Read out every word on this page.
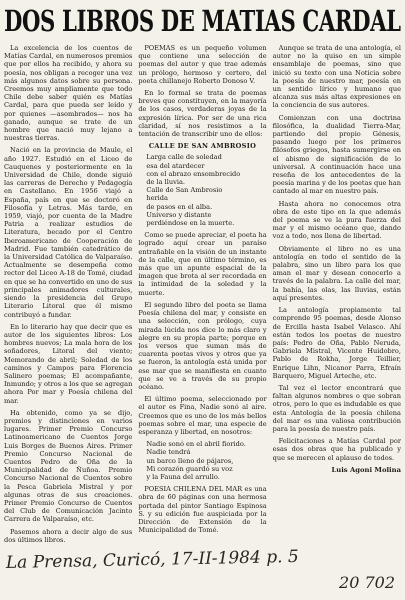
DOS LIBROS DE MATIAS CARDAL

La excelencia de los cuentos de Matías Cardal, en numerosos premios que por ellos ha recibido, y ahora su poesía, nos obligan a recoger una vez más algunos datos sobre su persona. Creemos muy ampliamente que todo Chile debe saber quién es Matías Cardal, para que pueda ser leído y por quienes —asombrados— nos ha ganado, aunque se trate de un hombre que nació muy lejano a nuestras tierras.

Nació en la provincia de Maule, el año 1927. Estudió en el Liceo de Cauquenes y posteriormente en la Universidad de Chile, donde siguió las carreras de Derecho y Pedagogía en Castellano. En 1956 viajó a España, país en que se doctoró en Filosofía y Letras. Más tarde, en 1959, viajó, por cuenta de la Madre Patria a realizar estudios de Literatura, becado por el Centro Iberoamericano de Cooperación de Madrid. Fue también catedrático de la Universidad Católica de Valparaíso. Actualmente se desempeña como rector del Liceo A-18 de Tomé, ciudad en que se ha convertido en uno de sus principales animadores culturales, siendo la presidencia del Grupo Literario Litoral que él mismo contribuyó a fundar.

En lo literario hay que decir que es autor de los siguientes libros: Los hombres nuevos; La mala hora de los soñadores, Litoral del viento; Memorando de abril; Soledad de los caminos y Campos para Florencia Salinero poemas; El acompañante, Inmundo; y otros a los que se agregan ahora Por mar y Poesía chilena del mar.

Ha obtenido, como ya se dijo, premios y distinciones en varios lugares. Primer Premio Concurso Latinoamericano de Cuentos Jorge Luis Borges de Buenos Aires. Primer Premio Concurso Nacional de Cuentos Pedro de Oña de la Municipalidad de Ñuñoa. Premio Concurso Nacional de Cuentos sobre la Pesca Gabriela Mistral y por algunas otras de sus creaciones. Primer Premio Concurso de Cuentos del Club de Comunicación Jacinto Carrera de Valparaíso, etc.

Pasemos ahora a decir algo de sus dos últimos libros.

POEMAS es un pequeño volumen que contiene una selección de poemas del autor y que trae además un prólogo, hermoso y certero, del poeta chillanejo Roberto Donoso V.

En lo formal se trata de poemas breves que constituyen, en la mayoría de los casos, verdaderas joyas de la expresión lírica. Por ser de una rica claridad, sí nos resistimos a la tentación de transcribir uno de ellos:

CALLE DE SAN AMBROSIO

Larga calle de soledad

esa del atardecer

con el abrazo ensombrecido

de la lluvia.

Calle de San Ambrosio

herida

de pasos en el alba.

Universo y distante

perdiéndose en la muerte.

Como se puede apreciar, el poeta ha logrado aquí crear un paraíso entrañable en la visión de un instante de la calle, que en último término, es más que un apunte espacial de la imagen que brota al ser recordada en la intimidad de la soledad y la muerte.

El segundo libro del poeta se llama Poesía chilena del mar, y consiste en una selección, con prólogo, cuya mirada lúcida nos dice lo más claro y alegre en su propia parte; porque en los versos que suman más de cuarenta poetas vivos y otros que ya se fueron, la antología está unida por ese mar que se manifiesta en cuanto que se ve a través de su propio océano.

El último poema, seleccionado por el autor es Fina, Nadie sonó al aire. Creemos que es uno de los más bellos poemas sobre el mar, una especie de esperanza y libertad, en nosotros:

Nadie sonó en el abril fiorido.

Nadie tendrá

un barco lleno de pájaros,

Mi corazón guardó su voz

y la Fauna del arrullo.

POESIA CHILENA DEL MAR es una obra de 60 páginas con una hermosa portada del pintor Santiago Espinosa S. y su edición fue auspiciada por la Dirección de Extensión de la Municipalidad de Tomé.

Aunque se trata de una antología, el autor no la quiso en un simple ensamblaje de poemas, sino que inició su texto con una Noticia sobre la poesía de nuestro mar, poesía en un sentido lírico y humano que alcanza sus más altas expresiones en la conciencia de sus autores.

Comienzan con una doctrina filosófica, la dualidad Tierra-Mar, partiendo del propio Génesis, pasando luego por los primeros filósofos griegos, hasta sumergirse en el abismo de significación de lo universal. A continuación hace una reseña de los antecedentes de la poesía marina y de los poetas que han cantado al mar en nuestro país.

Hasta ahora no conocemos otra obra de este tipo en la que además del poema se ve la pura fuerza del mar y el mismo océano que, dando voz a todo, nos llena de libertad.

Obviamente el libro no es una antología en todo el sentido de la palabra, sino un libro para los que aman el mar y desean conocerlo a través de la palabra. La calle del mar, la bahía, las olas, las lluvias, están aquí presentes.

La antología propiamente tal comprende 95 poemas, desde Alonso de Ercilla hasta Isabel Velasco. Ahí están todos los poetas de nuestro país: Pedro de Oña, Pablo Neruda, Gabriela Mistral, Vicente Huidobro, Pablo de Rokha, Jorge Teillier, Enrique Lihn, Nicanor Parra, Efraín Barquero, Miguel Arteche, etc.

Tal vez el lector encontrará que faltan algunos nombres o que sobran otros, pero lo que es indudable es que esta Antología de la poesía chilena del mar es una valiosa contribución para la poesía de nuestro país.

Felicitaciones a Matías Cardal por esas dos obras que ha publicado y que se merecen el aplauso de todos.

Luis Agoni Molina
La Prensa, Curicó, 17-II-1984 p. 5
20 702
